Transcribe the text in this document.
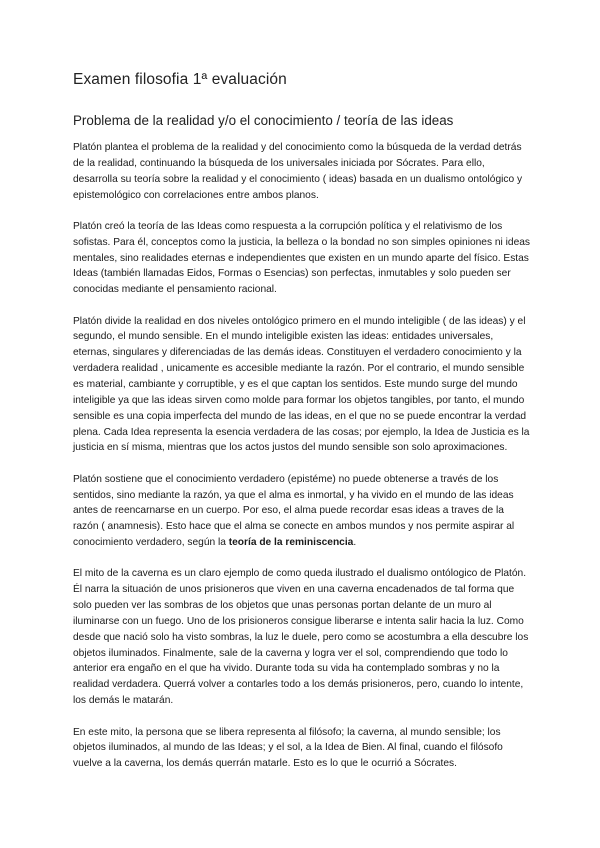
Examen filosofia 1ª evaluación
Problema de la realidad y/o el conocimiento / teoría de las ideas

Platón plantea el problema de la realidad y del conocimiento como la búsqueda de la verdad detrás de la realidad, continuando la búsqueda de los universales iniciada por Sócrates. Para ello, desarrolla su teoría sobre la realidad y el conocimiento ( ideas) basada en un dualismo ontológico y epistemológico con correlaciones entre ambos planos.

Platón creó la teoría de las Ideas como respuesta a la corrupción política y el relativismo de los sofistas. Para él, conceptos como la justicia, la belleza o la bondad no son simples opiniones ni ideas mentales, sino realidades eternas e independientes que existen en un mundo aparte del físico. Estas Ideas (también llamadas Eidos, Formas o Esencias) son perfectas, inmutables y solo pueden ser conocidas mediante el pensamiento racional.

Platón divide la realidad en dos niveles ontológico primero en el mundo inteligible ( de las ideas) y el segundo, el mundo sensible. En el mundo inteligible existen las ideas: entidades universales, eternas, singulares y diferenciadas de las demás ideas. Constituyen el verdadero conocimiento y la verdadera realidad , unicamente es accesible mediante la razón. Por el contrario, el mundo sensible es material, cambiante y corruptible, y es el que captan los sentidos. Este mundo surge del mundo inteligible ya que las ideas sirven como molde para formar los objetos tangibles, por tanto, el mundo sensible es una copia imperfecta del mundo de las ideas, en el que no se puede encontrar la verdad plena. Cada Idea representa la esencia verdadera de las cosas; por ejemplo, la Idea de Justicia es la justicia en sí misma, mientras que los actos justos del mundo sensible son solo aproximaciones.

Platón sostiene que el conocimiento verdadero (epistéme) no puede obtenerse a través de los sentidos, sino mediante la razón, ya que el alma es inmortal, y ha vivido en el mundo de las ideas antes de reencarnarse en un cuerpo. Por eso, el alma puede recordar esas ideas a traves de la razón ( anamnesis). Esto hace que el alma se conecte en ambos mundos y nos permite aspirar al conocimiento verdadero, según la teoría de la reminiscencia.

El mito de la caverna es un claro ejemplo de como queda ilustrado el dualismo ontólogico de Platón. Él narra la situación de unos prisioneros que viven en una caverna encadenados de tal forma que solo pueden ver las sombras de los objetos que unas personas portan delante de un muro al iluminarse con un fuego. Uno de los prisioneros consigue liberarse e intenta salir hacia la luz. Como desde que nació solo ha visto sombras, la luz le duele, pero como se acostumbra a ella descubre los objetos iluminados. Finalmente, sale de la caverna y logra ver el sol, comprendiendo que todo lo anterior era engaño en el que ha vivido. Durante toda su vida ha contemplado sombras y no la realidad verdadera. Querrá volver a contarles todo a los demás prisioneros, pero, cuando lo intente, los demás le matarán.

En este mito, la persona que se libera representa al filósofo; la caverna, al mundo sensible; los objetos iluminados, al mundo de las Ideas; y el sol, a la Idea de Bien. Al final, cuando el filósofo vuelve a la caverna, los demás querrán matarle. Esto es lo que le ocurrió a Sócrates.
